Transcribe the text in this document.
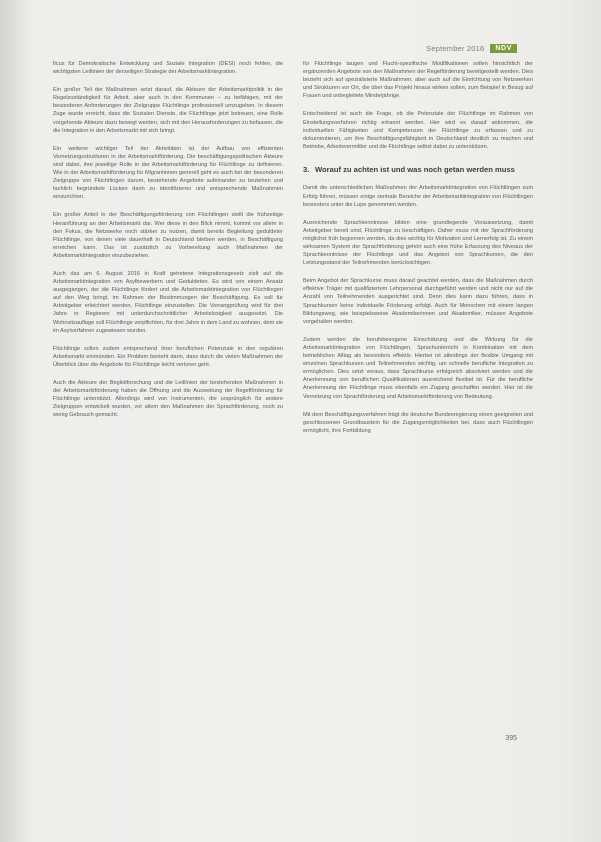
September 2016	NDV

ficus für Demokratische Entwicklung und Soziale Integration (DESI) noch fehlen, die wichtigsten Leitlinien der derzeitigen Strategie der Arbeitsmarktintegration.

Ein großer Teil der Maßnahmen setzt darauf, die Akteure der Arbeitsmarktpolitik in der Regelzuständigkeit für Arbeit, aber auch in den Kommunen – zu befähigen, mit der besonderen Anforderungen der Zielgruppe Flüchtlinge professionell umzugehen. In diesem Zuge wurde erreicht, dass die Sozialen Dienste, die Flüchtlinge jetzt betreuen, eine Rolle vorgehende Akteure dazu bewegt werden, sich mit den Herausforderungen zu befassen, die die Integration in den Arbeitsmarkt mit sich bringt.

Ein weiterer wichtiger Teil der Aktivitäten ist der Aufbau von effizienten Vernetzungsstrukturen in der Arbeitsmarktförderung. Die beschäftigungspolitischen Akteure sind dabei, ihre jeweilige Rolle in der Arbeitsmarktförderung für Flüchtlinge zu definieren. Wie in der Arbeitsmarktförderung für Migrantinnen generell geht es auch bei der besonderen Zielgruppe von Flüchtlingen darum, bestehende Angebote aufeinander zu beziehen und fachlich begründete Lücken darin zu identifizieren und entsprechende Maßnahmen einzurichten.

Ein großer Anteil in der Beschäftigungsförderung von Flüchtlingen stellt die frühzeitige Heranführung an den Arbeitsmarkt dar. Wer diese in den Blick nimmt, kommt vor allem in den Fokus, die Netzwerke noch stärker zu nutzen, damit bereits Begleitung geduldeter Flüchtlinge, von denen viele dauerhaft in Deutschland bleiben werden, in Beschäftigung erreichen kann. Das ist zusätzlich zu Vorbereitung auch Maßnahmen der Arbeitsmarktintegration einzubeziehen.

Auch das am 6. August 2016 in Kraft getretene Integrationsgesetz zielt auf die Arbeitsmarktintegration von Asylbewerbern und Geduldeten. Es wird von einem Ansatz ausgegangen, der die Flüchtlinge fördert und die Arbeitsmarktintegration von Flüchtlingen auf den Weg bringt, im Rahmen der Bestimmungen der Beschäftigung. Es soll für Arbeitgeber erleichtert werden, Flüchtlinge einzustellen. Die Vorrangprüfung wird für drei Jahre in Regionen mit unterdurchschnittlicher Arbeitslosigkeit ausgesetzt. Die Wohnsitzauflage soll Flüchtlinge verpflichten, für drei Jahre in dem Land zu wohnen, dem sie im Asylverfahren zugewiesen wurden.

Flüchtlinge sollen zudem entsprechend ihrer beruflichen Potenziale in den regulären Arbeitsmarkt einmünden. Ein Problem besteht darin, dass durch die vielen Maßnahmen der Überblick über die Angebote für Flüchtlinge leicht verloren geht.

Auch die Akteure der Begleitforschung und die Leitlinien der bestehenden Maßnahmen in der Arbeitsmarktförderung haben die Öffnung und die Ausweitung der Regelförderung für Flüchtlinge unterstützt. Allerdings wird von Instrumenten, die ursprünglich für andere Zielgruppen entwickelt wurden, vor allem den Maßnahmen der Sprachförderung, noch zu wenig Gebrauch gemacht.

für Flüchtlinge taugen und Flucht-spezifische Modifikationen sollen hinsichtlich der ergänzenden Angebote von den Maßnahmen der Regelförderung bereitgestellt werden. Dies bezieht sich auf spezialisierte Maßnahmen, aber auch auf die Einrichtung von Netzwerken und Strukturen vor Ort, die über das Projekt hinaus wirken sollen, zum Beispiel in Bezug auf Frauen und unbegleitete Minderjährige.

Entscheidend ist auch die Frage, ob die Potenziale der Flüchtlinge im Rahmen von Einstellungsverfahren richtig erkannt werden. Hier wird es darauf ankommen, die individuellen Fähigkeiten und Kompetenzen der Flüchtlinge zu erfassen und zu dokumentieren, um ihre Beschäftigungsfähigkeit in Deutschland deutlich zu machen und Betriebe, Arbeitsvermittler und die Flüchtlinge selbst dabei zu unterstützen.

3. Worauf zu achten ist und was noch getan werden muss

Damit die unterschiedlichen Maßnahmen der Arbeitsmarktintegration von Flüchtlingen zum Erfolg führen, müssen einige zentrale Bereiche der Arbeitsmarktintegration von Flüchtlingen besonders unter die Lupe genommen werden.

Ausreichende Sprachkenntnisse bilden eine grundlegende Voraussetzung, damit Arbeitgeber bereit sind, Flüchtlinge zu beschäftigen. Daher muss mit der Sprachförderung möglichst früh begonnen werden, da dies wichtig für Motivation und Lernerfolg ist. Zu einem wirksamen System der Sprachförderung gehört auch eine frühe Erfassung des Niveaus der Sprachkenntnisse der Flüchtlinge und das Angebot von Sprachkursen, die den Leistungsstand der Teilnehmenden berücksichtigen.

Beim Angebot der Sprachkurse muss darauf geachtet werden, dass die Maßnahmen durch effektive Träger mit qualifiziertem Lehrpersonal durchgeführt werden und nicht nur auf die Anzahl von Teilnehmenden ausgerichtet sind. Denn dies kann dazu führen, dass in Sprachkursen keine individuelle Förderung erfolgt. Auch für Menschen mit einem langen Bildungsweg, wie beispielsweise Akademikerinnen und Akademiker, müssen Angebote vorgehalten werden.

Zudem werden die berufsbezogene Einschätzung und die Wirkung für die Arbeitsmarktintegration von Flüchtlingen, Sprachunterricht in Kombination mit dem betrieblichen Alltag als besonders effektiv. Hierbei ist allerdings der flexible Umgang mit einzelnen Sprachkursen und Teilnehmenden wichtig, um schnelle berufliche Integration zu ermöglichen. Dies setzt voraus, dass Sprachkurse erfolgreich absolviert werden und die Anerkennung von beruflichen Qualifikationen ausreichend flexibel ist. Für die berufliche Anerkennung der Flüchtlinge muss ebenfalls ein Zugang geschaffen werden. Hier ist die Vernetzung von Sprachförderung und Arbeitsmarktförderung von Bedeutung.

Mit dem Beschäftigungsverfahren trägt die deutsche Bundesregierung einen geeigneten und geschlossenen Grundbaustein für die Zugangsmöglichkeiten bei, dass auch Flüchtlingen ermöglicht, ihre Fortbildung

395
